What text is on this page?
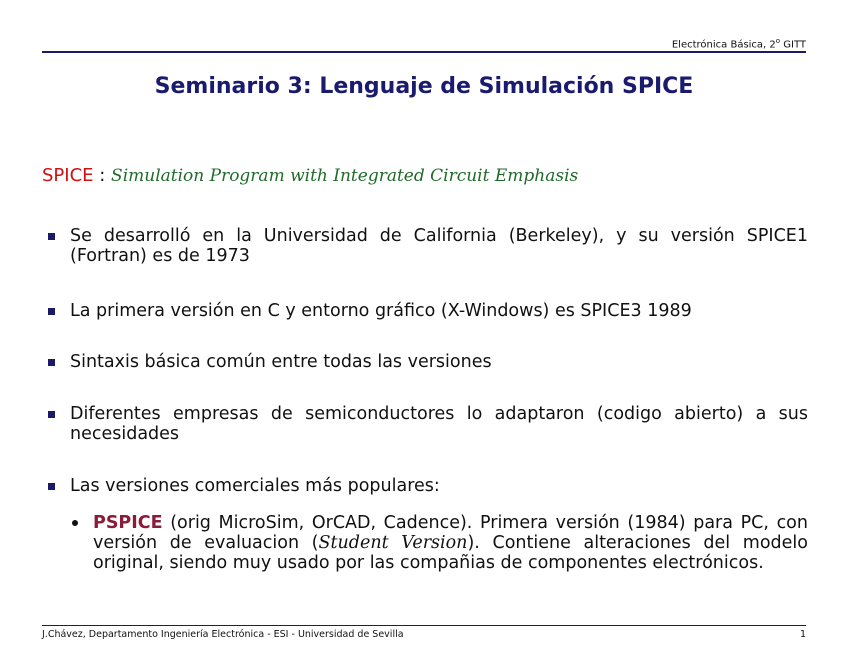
Electrónica Básica, 2$^o$ GITT
Seminario 3: Lenguaje de Simulación SPICE
SPICE : Simulation Program with Integrated Circuit Emphasis
Se desarrolló en la Universidad de California (Berkeley), y su versión SPICE1 (Fortran) es de 1973
La primera versión en C y entorno gráfico (X-Windows) es SPICE3 1989
Sintaxis básica común entre todas las versiones
Diferentes empresas de semiconductores lo adaptaron (codigo abierto) a sus necesidades
Las versiones comerciales más populares:
PSPICE (orig MicroSim, OrCAD, Cadence). Primera versión (1984) para PC, con versión de evaluacion (Student Version). Contiene alteraciones del modelo original, siendo muy usado por las compañias de componentes electrónicos.
J.Chávez, Departamento Ingeniería Electrónica - ESI - Universidad de Sevilla	1
